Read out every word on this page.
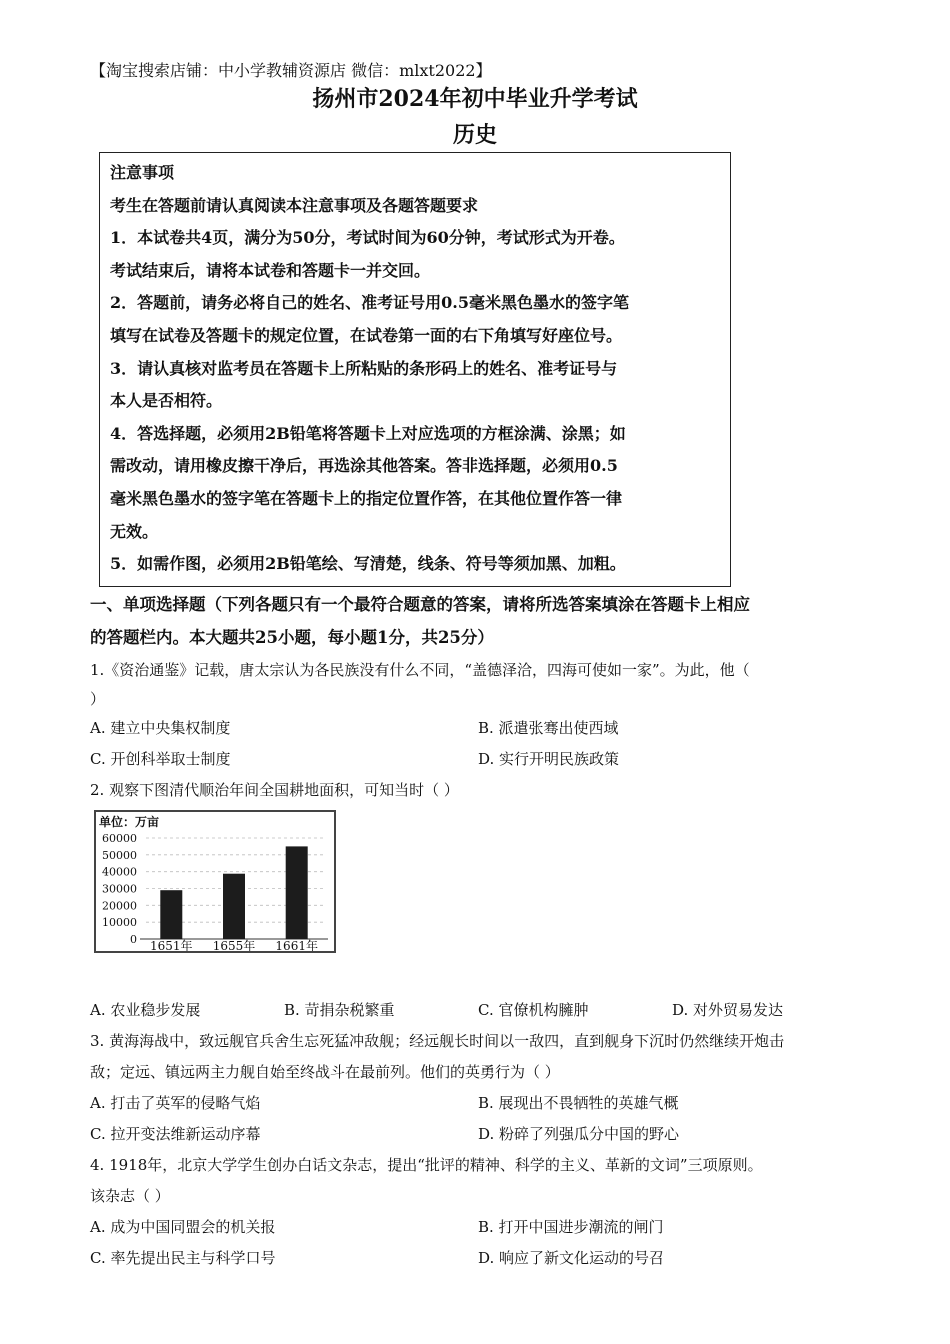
【淘宝搜索店铺：中小学教辅资源店 微信：mlxt2022】
扬州市2024年初中毕业升学考试
历史

注意事项

考生在答题前请认真阅读本注意事项及各题答题要求

1．本试卷共4页，满分为50分，考试时间为60分钟，考试形式为开卷。

考试结束后，请将本试卷和答题卡一并交回。

2．答题前，请务必将自己的姓名、准考证号用0.5毫米黑色墨水的签字笔

填写在试卷及答题卡的规定位置，在试卷第一面的右下角填写好座位号。

3．请认真核对监考员在答题卡上所粘贴的条形码上的姓名、准考证号与

本人是否相符。

4．答选择题，必须用2B铅笔将答题卡上对应选项的方框涂满、涂黑；如

需改动，请用橡皮擦干净后，再选涂其他答案。答非选择题，必须用0.5

毫米黑色墨水的签字笔在答题卡上的指定位置作答，在其他位置作答一律

无效。

5．如需作图，必须用2B铅笔绘、写清楚，线条、符号等须加黑、加粗。

一、单项选择题（下列各题只有一个最符合题意的答案，请将所选答案填涂在答题卡上相应
的答题栏内。本大题共25小题，每小题1分，共25分）
1.《资治通鉴》记载，唐太宗认为各民族没有什么不同，“盖德泽洽，四海可使如一家”。为此，他（
）
A. 建立中央集权制度	B. 派遣张骞出使西域
C. 开创科举取士制度	D. 实行开明民族政策
2. 观察下图清代顺治年间全国耕地面积，可知当时（ ）
单位：万亩
60000
50000
40000
30000
20000
10000
0 1651年 1655年 1661年
A. 农业稳步发展	B. 苛捐杂税繁重	C. 官僚机构臃肿	D. 对外贸易发达
3. 黄海海战中，致远舰官兵舍生忘死猛冲敌舰；经远舰长时间以一敌四，直到舰身下沉时仍然继续开炮击
敌；定远、镇远两主力舰自始至终战斗在最前列。他们的英勇行为（ ）
A. 打击了英军的侵略气焰	B. 展现出不畏牺牲的英雄气概
C. 拉开变法维新运动序幕	D. 粉碎了列强瓜分中国的野心
4. 1918年，北京大学学生创办白话文杂志，提出“批评的精神、科学的主义、革新的文词”三项原则。
该杂志（ ）
A. 成为中国同盟会的机关报	B. 打开中国进步潮流的闸门
C. 率先提出民主与科学口号	D. 响应了新文化运动的号召
